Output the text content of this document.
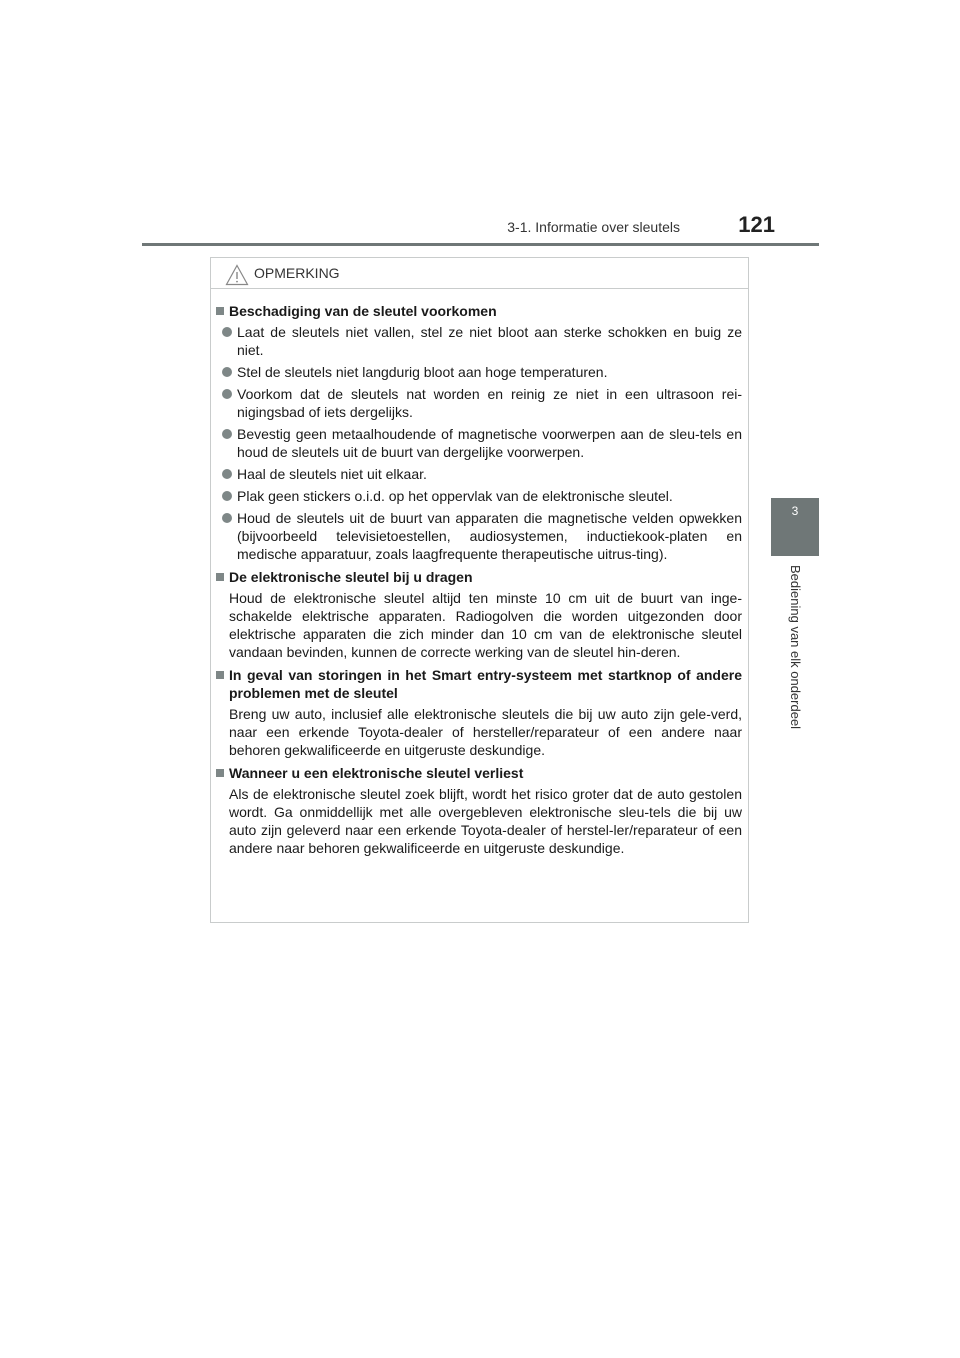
3-1. Informatie over sleutels	121
3
Bediening van elk onderdeel
OPMERKING
Beschadiging van de sleutel voorkomen
Laat de sleutels niet vallen, stel ze niet bloot aan sterke schokken en buig ze niet.
Stel de sleutels niet langdurig bloot aan hoge temperaturen.
Voorkom dat de sleutels nat worden en reinig ze niet in een ultrasoon rei-nigingsbad of iets dergelijks.
Bevestig geen metaalhoudende of magnetische voorwerpen aan de sleu-tels en houd de sleutels uit de buurt van dergelijke voorwerpen.
Haal de sleutels niet uit elkaar.
Plak geen stickers o.i.d. op het oppervlak van de elektronische sleutel.
Houd de sleutels uit de buurt van apparaten die magnetische velden opwekken (bijvoorbeeld televisietoestellen, audiosystemen, inductiekook-platen en medische apparatuur, zoals laagfrequente therapeutische uitrus-ting).
De elektronische sleutel bij u dragen
Houd de elektronische sleutel altijd ten minste 10 cm uit de buurt van inge-schakelde elektrische apparaten. Radiogolven die worden uitgezonden door elektrische apparaten die zich minder dan 10 cm van de elektronische sleutel vandaan bevinden, kunnen de correcte werking van de sleutel hin-deren.
In geval van storingen in het Smart entry-systeem met startknop of andere problemen met de sleutel
Breng uw auto, inclusief alle elektronische sleutels die bij uw auto zijn gele-verd, naar een erkende Toyota-dealer of hersteller/reparateur of een andere naar behoren gekwalificeerde en uitgeruste deskundige.
Wanneer u een elektronische sleutel verliest
Als de elektronische sleutel zoek blijft, wordt het risico groter dat de auto gestolen wordt. Ga onmiddellijk met alle overgebleven elektronische sleu-tels die bij uw auto zijn geleverd naar een erkende Toyota-dealer of herstel-ler/reparateur of een andere naar behoren gekwalificeerde en uitgeruste deskundige.
